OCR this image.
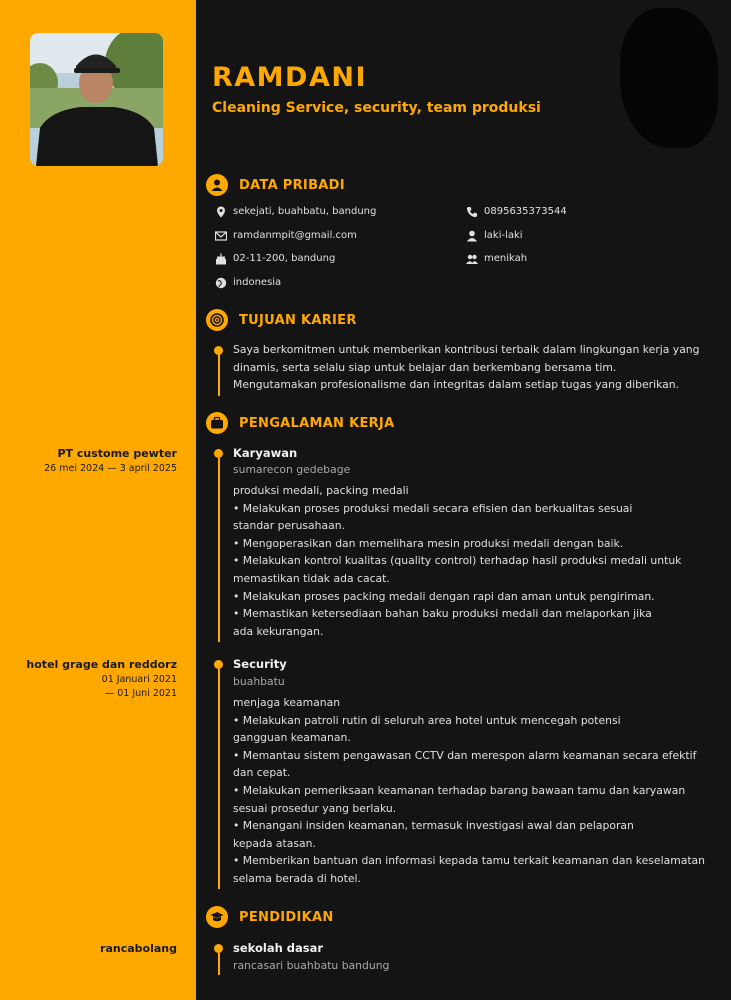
RAMDANI
Cleaning Service, security, team produksi
DATA PRIBADI
sekejati, buahbatu, bandung
ramdanmpit@gmail.com
02-11-200, bandung
indonesia
0895635373544
laki-laki
menikah
TUJUAN KARIER
Saya berkomitmen untuk memberikan kontribusi terbaik dalam lingkungan kerja yang dinamis, serta selalu siap untuk belajar dan berkembang bersama tim. Mengutamakan profesionalisme dan integritas dalam setiap tugas yang diberikan.
PENGALAMAN KERJA
PT custome pewter
26 mei 2024 — 3 april 2025
Karyawan
sumarecon gedebage
produksi medali, packing medali
• Melakukan proses produksi medali secara efisien dan berkualitas sesuai
standar perusahaan.
• Mengoperasikan dan memelihara mesin produksi medali dengan baik.
• Melakukan kontrol kualitas (quality control) terhadap hasil produksi medali untuk
memastikan tidak ada cacat.
• Melakukan proses packing medali dengan rapi dan aman untuk pengiriman.
• Memastikan ketersediaan bahan baku produksi medali dan melaporkan jika
ada kekurangan.
hotel grage dan reddorz
01 Januari 2021
— 01 Juni 2021
Security
buahbatu
menjaga keamanan
• Melakukan patroli rutin di seluruh area hotel untuk mencegah potensi
gangguan keamanan.
• Memantau sistem pengawasan CCTV dan merespon alarm keamanan secara efektif
dan cepat.
• Melakukan pemeriksaan keamanan terhadap barang bawaan tamu dan karyawan
sesuai prosedur yang berlaku.
• Menangani insiden keamanan, termasuk investigasi awal dan pelaporan
kepada atasan.
• Memberikan bantuan dan informasi kepada tamu terkait keamanan dan keselamatan
selama berada di hotel.
PENDIDIKAN
rancabolang	sekolah dasar
rancasari buahbatu bandung
